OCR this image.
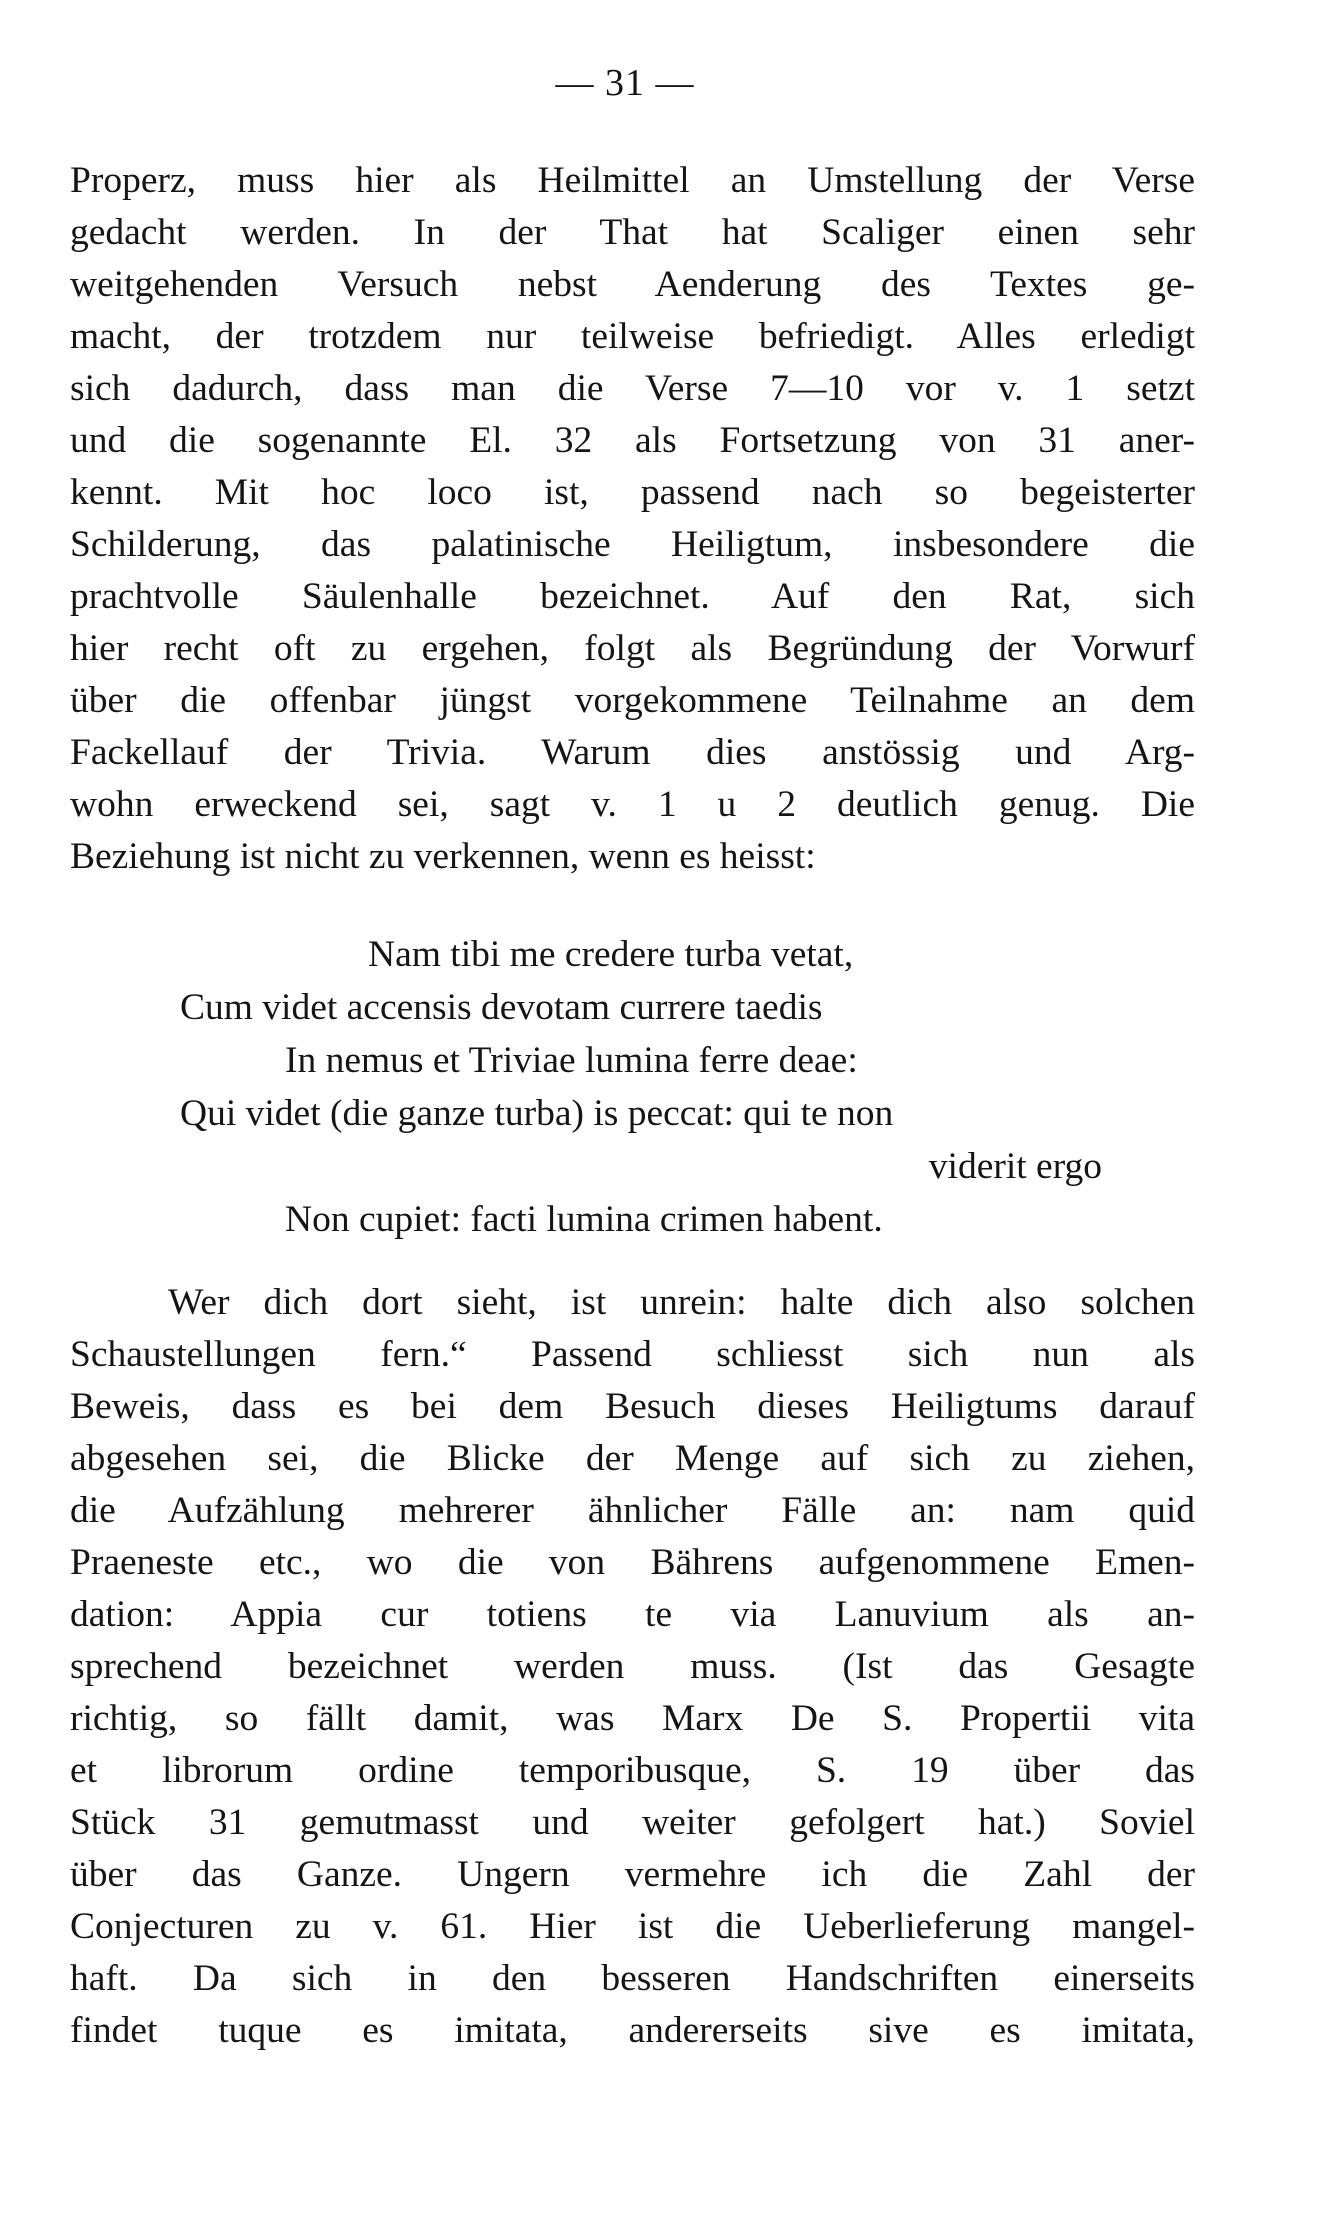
— 31 —
Properz, muss hier als Heilmittel an Umstellung der Verse
gedacht werden. In der That hat Scaliger einen sehr
weitgehenden Versuch nebst Aenderung des Textes ge-
macht, der trotzdem nur teilweise befriedigt. Alles erledigt
sich dadurch, dass man die Verse 7—10 vor v. 1 setzt
und die sogenannte El. 32 als Fortsetzung von 31 aner-
kennt. Mit hoc loco ist, passend nach so begeisterter
Schilderung, das palatinische Heiligtum, insbesondere die
prachtvolle Säulenhalle bezeichnet. Auf den Rat, sich
hier recht oft zu ergehen, folgt als Begründung der Vorwurf
über die offenbar jüngst vorgekommene Teilnahme an dem
Fackellauf der Trivia. Warum dies anstössig und Arg-
wohn erweckend sei, sagt v. 1 u 2 deutlich genug. Die
Beziehung ist nicht zu verkennen, wenn es heisst:
Nam tibi me credere turba vetat,
Cum videt accensis devotam currere taedis
In nemus et Triviae lumina ferre deae:
Qui videt (die ganze turba) is peccat: qui te non
viderit ergo
Non cupiet: facti lumina crimen habent.
Wer dich dort sieht, ist unrein: halte dich also solchen
Schaustellungen fern.“ Passend schliesst sich nun als
Beweis, dass es bei dem Besuch dieses Heiligtums darauf
abgesehen sei, die Blicke der Menge auf sich zu ziehen,
die Aufzählung mehrerer ähnlicher Fälle an: nam quid
Praeneste etc., wo die von Bährens aufgenommene Emen-
dation: Appia cur totiens te via Lanuvium als an-
sprechend bezeichnet werden muss. (Ist das Gesagte
richtig, so fällt damit, was Marx De S. Propertii vita
et librorum ordine temporibusque, S. 19 über das
Stück 31 gemutmasst und weiter gefolgert hat.) Soviel
über das Ganze. Ungern vermehre ich die Zahl der
Conjecturen zu v. 61. Hier ist die Ueberlieferung mangel-
haft. Da sich in den besseren Handschriften einerseits
findet tuque es imitata, andererseits sive es imitata,
